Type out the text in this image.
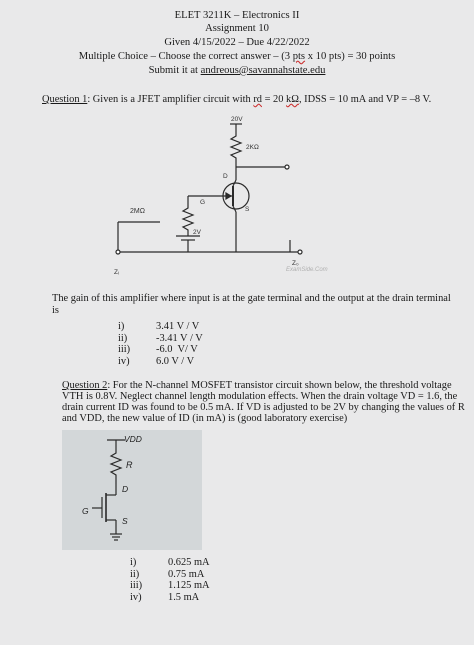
ELET 3211K – Electronics II
Assignment 10
Given 4/15/2022 – Due 4/22/2022
Multiple Choice – Choose the correct answer – (3 pts x 10 pts) = 30 points
Submit it at andreous@savannahstate.edu
Question 1: Given is a JFET amplifier circuit with rd = 20 kΩ, IDSS = 10 mA and VP = –8 V.
20V
2KΩ
D
G
S
2MΩ
2V
Zᵢ
Z₀
ExamSide.Com
The gain of this amplifier where input is at the gate terminal and the output at the drain terminal
is
i)	3.41 V / V
ii)	-3.41 V / V
iii) -6.0  V/ V
iv)	6.0 V / V
Question 2: For the N-channel MOSFET transistor circuit shown below, the threshold voltage
VTH is 0.8V. Neglect channel length modulation effects. When the drain voltage VD = 1.6, the
drain current ID was found to be 0.5 mA. If VD is adjusted to be 2V by changing the values of R
and VDD, the new value of ID (in mA) is (good laboratory exercise)
VDD
R
D
G
S
i)	0.625 mA
ii)	0.75 mA
iii) 1.125 mA
iv)	1.5 mA
